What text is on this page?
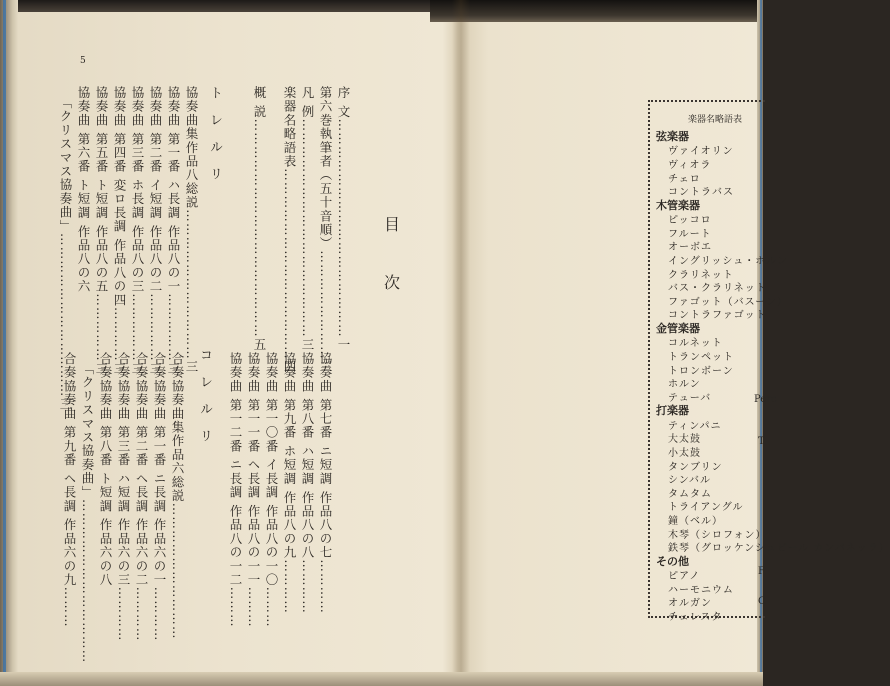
5
目
次
トレルリ
協奏曲集作品八総説……………………………三
協奏曲 第一番 ハ長調 作品八の一……………三
協奏曲 第二番 イ短調 作品八の二……………三
協奏曲 第三番 ホ長調 作品八の三……………三
協奏曲 第四番 変ロ長調 作品八の四…………三
協奏曲 第五番 ト短調 作品八の五……………三
協奏曲 第六番 ト短調 作品八の六
「クリスマス協奏曲」………………………………三	序 文…………………………………………一
第六巻執筆者（五十音順）……………………三
凡 例…………………………………………三
楽器名略語表……………………………………四
概 説…………………………………………五
コレルリ
合奏協奏曲集作品六総説…………………………
合奏協奏曲 第一番 ニ長調 作品六の一…………
合奏協奏曲 第二番 ヘ長調 作品六の二…………
合奏協奏曲 第三番 ハ短調 作品六の三…………
合奏協奏曲 第八番 ト短調 作品六の八
「クリスマス協奏曲」………………………………
合奏協奏曲 第九番 ヘ長調 作品六の九………	協奏曲 第七番 ニ短調 作品八の七…………
協奏曲 第八番 ハ短調 作品八の八…………
協奏曲 第九番 ホ短調 作品八の九…………
協奏曲 第一〇番 イ長調 作品八の一〇………
協奏曲 第一一番 ヘ長調 作品八の一一………
協奏曲 第一二番 ニ長調 作品八の一二………
楽器名略語表
弦楽器
ヴァイオリン
ヴィオラ
チェロ
コントラバス
木管楽器
ピッコロ
フルート
オーボエ
イングリッシュ・ホルン
クラリネット
バス・クラリネット
ファゴット（バスーン）
コントラファゴット
金管楽器
コルネット
トランペット
トロンボーン
ホルン
テューバ
打楽器
ティンパニ
大太鼓
小太鼓
タンブリン
シンバル
タムタム
トライアングル
鐘（ベル）
木琴（シロフォン）
鉄琴（グロッケンシュピール カンパネッラ）
その他
ピアノ
ハーモニウム
オルガン
チェレスタ
Perc
T
F
C
